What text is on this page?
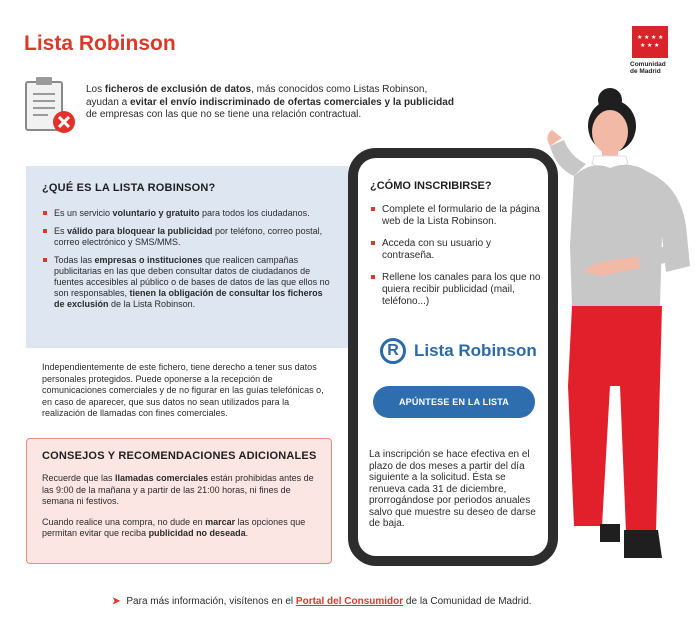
Lista Robinson	★ ★ ★ ★
★ ★ ★
Comunidad de Madrid
Los ficheros de exclusión de datos, más conocidos como Listas Robinson, ayudan a evitar el envío indiscriminado de ofertas comerciales y la publicidad de empresas con las que no se tiene una relación contractual.
¿QUÉ ES LA LISTA ROBINSON?
Es un servicio voluntario y gratuito para todos los ciudadanos.
Es válido para bloquear la publicidad por teléfono, correo postal, correo electrónico y SMS/MMS.
Todas las empresas o instituciones que realicen campañas publicitarias en las que deben consultar datos de ciudadanos de fuentes accesibles al público o de bases de datos de las que ellos no son responsables, tienen la obligación de consultar los ficheros de exclusión de la Lista Robinson.
Independientemente de este fichero, tiene derecho a tener sus datos personales protegidos. Puede oponerse a la recepción de comunicaciones comerciales y de no figurar en las guías telefónicas o, en caso de aparecer, que sus datos no sean utilizados para la realización de llamadas con fines comerciales.
CONSEJOS Y RECOMENDACIONES ADICIONALES

Recuerde que las llamadas comerciales están prohibidas antes de las 9:00 de la mañana y a partir de las 21:00 horas, ni fines de semana ni festivos.

Cuando realice una compra, no dude en marcar las opciones que permitan evitar que reciba publicidad no deseada.

¿CÓMO INSCRIBIRSE?
Complete el formulario de la página web de la Lista Robinson.
Acceda con su usuario y contraseña.
Rellene los canales para los que no quiera recibir publicidad (mail, teléfono...)
R Lista Robinson
APÚNTESE EN LA LISTA
La inscripción se hace efectiva en el plazo de dos meses a partir del día siguiente a la solicitud. Ésta se renueva cada 31 de diciembre, prorrogándose por periodos anuales salvo que muestre su deseo de darse de baja.
➤ Para más información, visítenos en el Portal del Consumidor de la Comunidad de Madrid.
